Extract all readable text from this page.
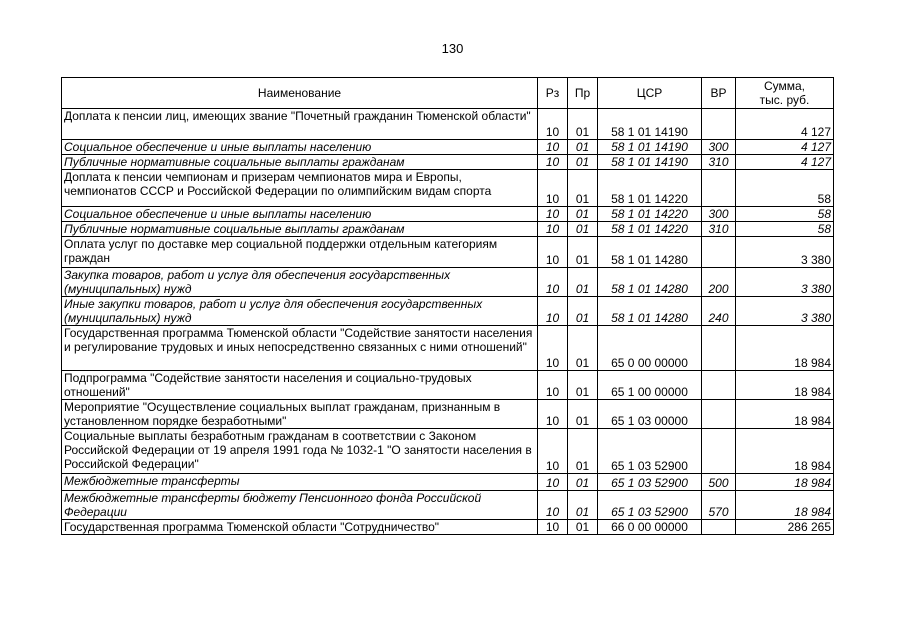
130
Наименование	Рз	Пр	ЦСР	ВР	Сумма,
тыс. руб.

Доплата к пенсии лиц, имеющих звание "Почетный гражданин Тюменской области"	10	01	58 1 01 14190		4 127
Социальное обеспечение и иные выплаты населению	10	01	58 1 01 14190	300	4 127
Публичные нормативные социальные выплаты гражданам	10	01	58 1 01 14190	310	4 127
Доплата к пенсии чемпионам и призерам чемпионатов мира и Европы, чемпионатов СССР и Российской Федерации по олимпийским видам спорта	10	01	58 1 01 14220		58
Социальное обеспечение и иные выплаты населению	10	01	58 1 01 14220	300	58
Публичные нормативные социальные выплаты гражданам	10	01	58 1 01 14220	310	58
Оплата услуг по доставке мер социальной поддержки отдельным категориям граждан	10	01	58 1 01 14280		3 380
Закупка товаров, работ и услуг для обеспечения государственных (муниципальных) нужд	10	01	58 1 01 14280	200	3 380
Иные закупки товаров, работ и услуг для обеспечения государственных (муниципальных) нужд	10	01	58 1 01 14280	240	3 380
Государственная программа Тюменской области "Содействие занятости населения и регулирование трудовых и иных непосредственно связанных с ними отношений"	10	01	65 0 00 00000		18 984
Подпрограмма "Содействие занятости населения и социально-трудовых отношений"	10	01	65 1 00 00000		18 984
Мероприятие "Осуществление социальных выплат гражданам, признанным в установленном порядке безработными"	10	01	65 1 03 00000		18 984
Социальные выплаты безработным гражданам в соответствии с Законом Российской Федерации от 19 апреля 1991 года № 1032-1 "О занятости населения в Российской Федерации"	10	01	65 1 03 52900		18 984
Межбюджетные трансферты	10	01	65 1 03 52900	500	18 984
Межбюджетные трансферты бюджету Пенсионного фонда Российской Федерации	10	01	65 1 03 52900	570	18 984
Государственная программа Тюменской области "Сотрудничество"	10	01	66 0 00 00000		286 265
